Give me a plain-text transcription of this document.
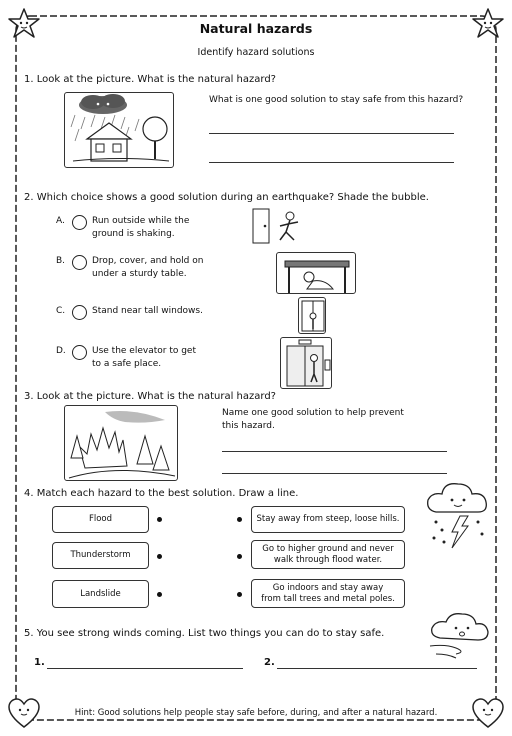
Natural hazards
Identify hazard solutions
1. Look at the picture. What is the natural hazard?
What is one good solution to stay safe from this hazard?
2. Which choice shows a good solution during an earthquake? Shade the bubble.
A.	Run outside while the
ground is shaking.
B.	Drop, cover, and hold on
under a sturdy table.
C.	Stand near tall windows.
D.	Use the elevator to get
to a safe place.
3. Look at the picture. What is the natural hazard?
Name one good solution to help prevent
this hazard.
4. Match each hazard to the best solution. Draw a line.
Flood
Thunderstorm
Landslide
Stay away from steep, loose hills.
Go to higher ground and never
walk through flood water.
Go indoors and stay away
from tall trees and metal poles.
5. You see strong winds coming. List two things you can do to stay safe.
1.	2.
Hint: Good solutions help people stay safe before, during, and after a natural hazard.
